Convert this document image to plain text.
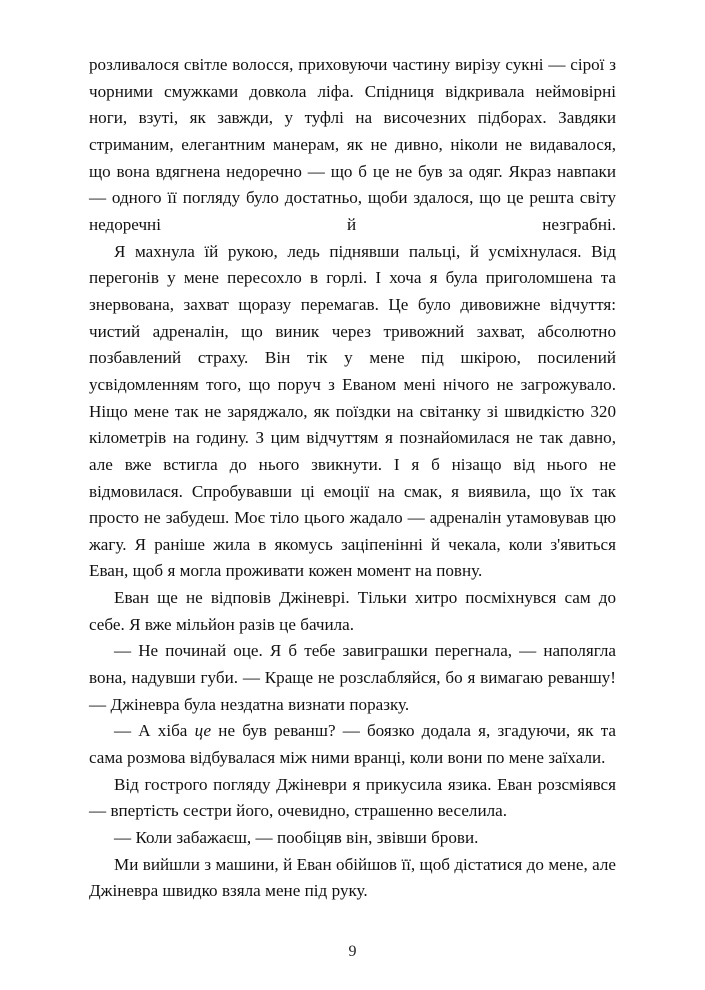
розливалося світле волосся, приховуючи частину вирізу сукні — сірої з чорними смужками довкола ліфа. Спідниця відкривала неймовірні ноги, взуті, як завжди, у туфлі на височезних підборах. Завдяки стриманим, елегантним манерам, як не дивно, ніколи не видавалося, що вона вдягнена недоречно — що б це не був за одяг. Якраз навпаки — одного її погляду було достатньо, щоби здалося, що це решта світу недоречні й незграбні.

Я махнула їй рукою, ледь піднявши пальці, й усміхнулася. Від перегонів у мене пересохло в горлі. І хоча я була приголомшена та знервована, захват щоразу перемагав. Це було дивовижне відчуття: чистий адреналін, що виник через тривожний захват, абсолютно позбавлений страху. Він тік у мене під шкірою, посилений усвідомленням того, що поруч з Еваном мені нічого не загрожувало. Ніщо мене так не заряджало, як поїздки на світанку зі швидкістю 320 кілометрів на годину. З цим відчуттям я познайомилася не так давно, але вже встигла до нього звикнути. І я б нізащо від нього не відмовилася. Спробувавши ці емоції на смак, я виявила, що їх так просто не забудеш. Моє тіло цього жадало — адреналін утамовував цю жагу. Я раніше жила в якомусь заціпенінні й чекала, коли з'явиться Еван, щоб я могла проживати кожен момент на повну.

Еван ще не відповів Джіневрі. Тільки хитро посміхнувся сам до себе. Я вже мільйон разів це бачила.

— Не починай оце. Я б тебе завиграшки перегнала, — наполягла вона, надувши губи. — Краще не розслабляйся, бо я вимагаю реваншу! — Джіневра була нездатна визнати поразку.

— А хіба це не був реванш? — боязко додала я, згадуючи, як та сама розмова відбувалася між ними вранці, коли вони по мене заїхали.

Від гострого погляду Джіневри я прикусила язика. Еван розсміявся — впертість сестри його, очевидно, страшенно веселила.

— Коли забажаєш, — пообіцяв він, звівши брови.

Ми вийшли з машини, й Еван обійшов її, щоб дістатися до мене, але Джіневра швидко взяла мене під руку.

9
